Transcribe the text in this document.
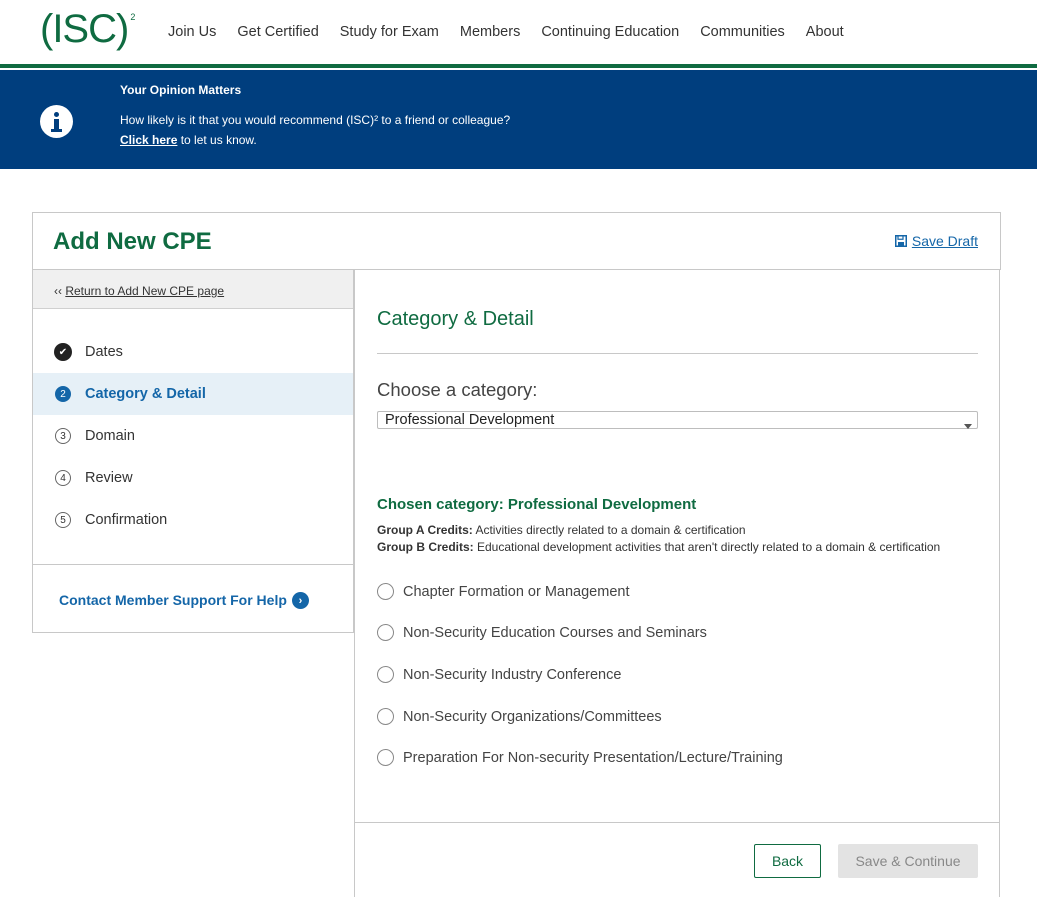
(ISC) 2
Join Us Get Certified Study for Exam Members Continuing Education Communities About
Your Opinion Matters
How likely is it that you would recommend (ISC)² to a friend or colleague?
Click here to let us know.
Add New CPE	Save Draft
‹‹ Return to Add New CPE page
✔	Dates
2	Category & Detail
3	Domain
4	Review
5	Confirmation
Contact Member Support For Help	›
Category & Detail
Choose a category:
Professional Development
Chosen category: Professional Development
Group A Credits: Activities directly related to a domain & certification
Group B Credits: Educational development activities that aren't directly related to a domain & certification
Chapter Formation or Management
Non-Security Education Courses and Seminars
Non-Security Industry Conference
Non-Security Organizations/Committees
Preparation For Non-security Presentation/Lecture/Training
Back	Save & Continue
